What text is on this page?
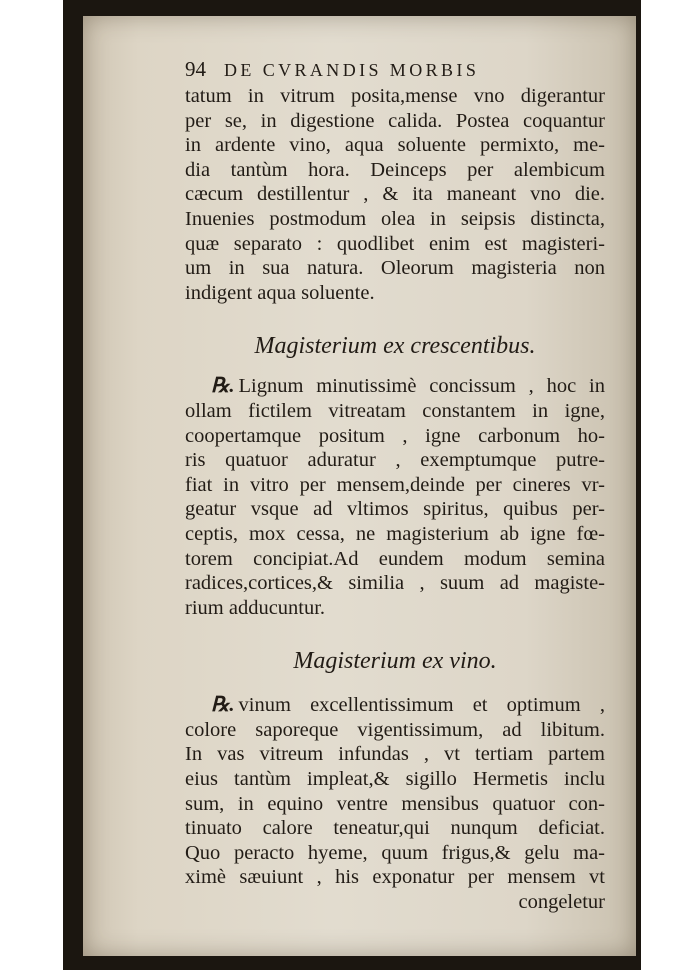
94 DE CVRANDIS MORBIS
tatum in vitrum posita,mense vno digerantur
per se, in digestione calida. Postea coquantur
in ardente vino, aqua soluente permixto, me-
dia tantùm hora. Deinceps per alembicum
cæcum destillentur , & ita maneant vno die.
Inuenies postmodum olea in seipsis distincta,
quæ separato : quodlibet enim est magisteri-
um in sua natura. Oleorum magisteria non
indigent aqua soluente.
Magisterium ex crescentibus.
℞. Lignum minutissimè concissum , hoc in
ollam fictilem vitreatam constantem in igne,
coopertamque positum , igne carbonum ho-
ris quatuor aduratur , exemptumque putre-
fiat in vitro per mensem,deinde per cineres vr-
geatur vsque ad vltimos spiritus, quibus per-
ceptis, mox cessa, ne magisterium ab igne fœ-
torem concipiat.Ad eundem modum semina
radices,cortices,& similia , suum ad magiste-
rium adducuntur.
Magisterium ex vino.
℞. vinum excellentissimum et optimum ,
colore saporeque vigentissimum, ad libitum.
In vas vitreum infundas , vt tertiam partem
eius tantùm impleat,& sigillo Hermetis inclu
sum, in equino ventre mensibus quatuor con-
tinuato calore teneatur,qui nunqum deficiat.
Quo peracto hyeme, quum frigus,& gelu ma-
ximè sæuiunt , his exponatur per mensem vt
congeletur
